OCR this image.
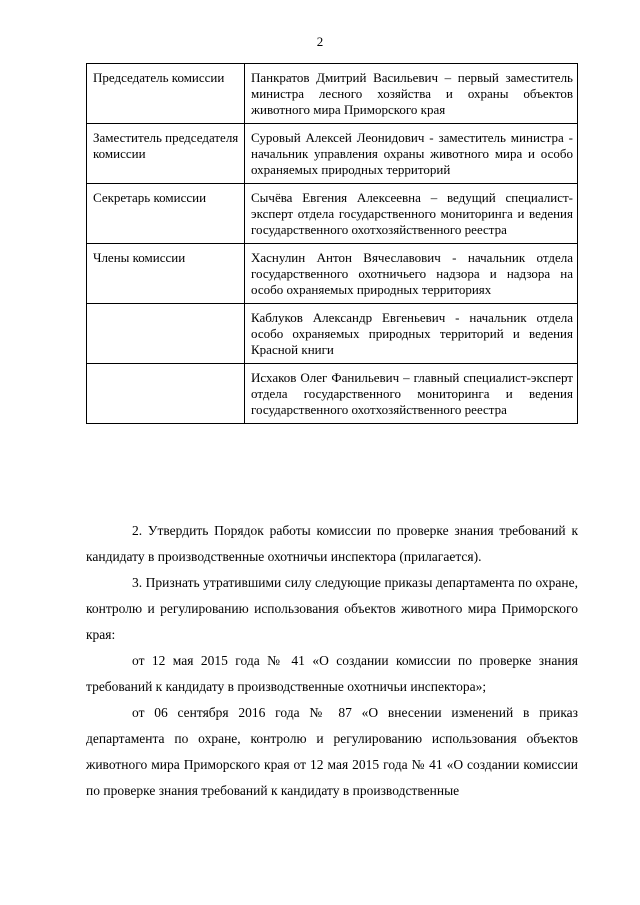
2
Председатель комиссии	Панкратов Дмитрий Васильевич – первый заместитель министра лесного хозяйства и охраны объектов животного мира Приморского края
Заместитель председателя комиссии	Суровый Алексей Леонидович - заместитель министра - начальник управления охраны животного мира и особо охраняемых природных территорий
Секретарь комиссии	Сычёва Евгения Алексеевна – ведущий специалист-эксперт отдела государственного мониторинга и ведения государственного охотхозяйственного реестра
Члены комиссии	Хаснулин Антон Вячеславович - начальник отдела государственного охотничьего надзора и надзора на особо охраняемых природных территориях
	Каблуков Александр Евгеньевич - начальник отдела особо охраняемых природных территорий и ведения Красной книги
	Исхаков Олег Фанильевич – главный специалист-эксперт отдела государственного мониторинга и ведения государственного охотхозяйственного реестра

2. Утвердить Порядок работы комиссии по проверке знания требований к кандидату в производственные охотничьи инспектора (прилагается).

3. Признать утратившими силу следующие приказы департамента по охране, контролю и регулированию использования объектов животного мира Приморского края:

от 12 мая 2015 года № 41 «О создании комиссии по проверке знания требований к кандидату в производственные охотничьи инспектора»;

от 06 сентября 2016 года № 87 «О внесении изменений в приказ департамента по охране, контролю и регулированию использования объектов животного мира Приморского края от 12 мая 2015 года № 41 «О создании комиссии по проверке знания требований к кандидату в производственные
